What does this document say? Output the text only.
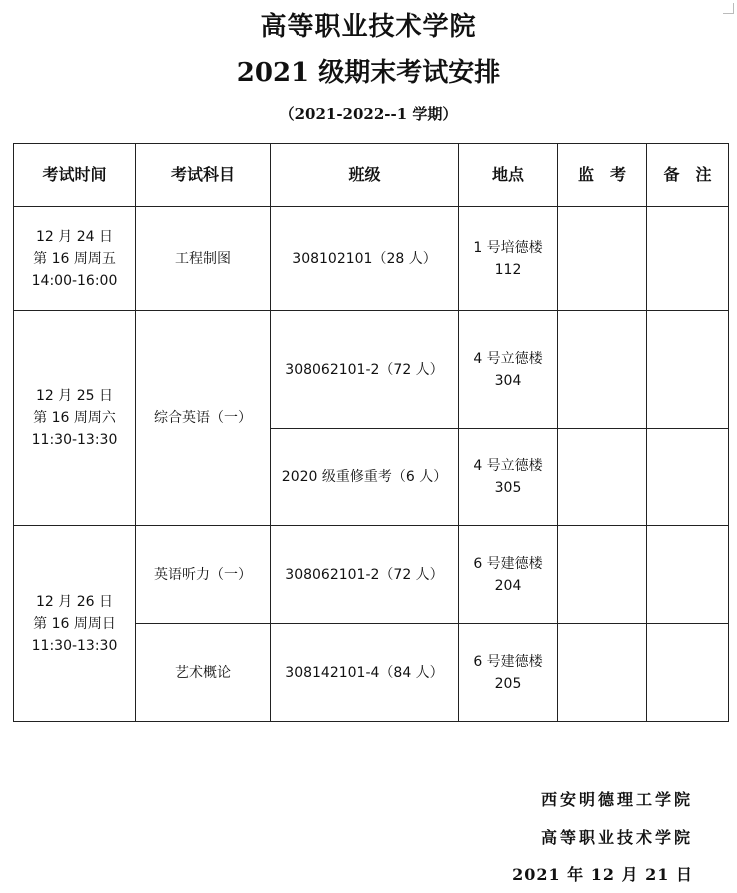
高等职业技术学院
2021 级期末考试安排
（2021-2022--1 学期）
考试时间	考试科目	班级	地点	监　考	备　注

12 月 24 日
第 16 周周五
14:00-16:00	工程制图	308102101（28 人）	1 号培德楼
112		

12 月 25 日
第 16 周周六
11:30-13:30	综合英语（一）	308062101-2（72 人）	4 号立德楼
304		

		2020 级重修重考（6 人）	4 号立德楼
305		

12 月 26 日
第 16 周周日
11:30-13:30	英语听力（一）	308062101-2（72 人）	6 号建德楼
204		

	艺术概论	308142101-4（84 人）	6 号建德楼
205		

西安明德理工学院
高等职业技术学院
2021 年 12 月 21 日
